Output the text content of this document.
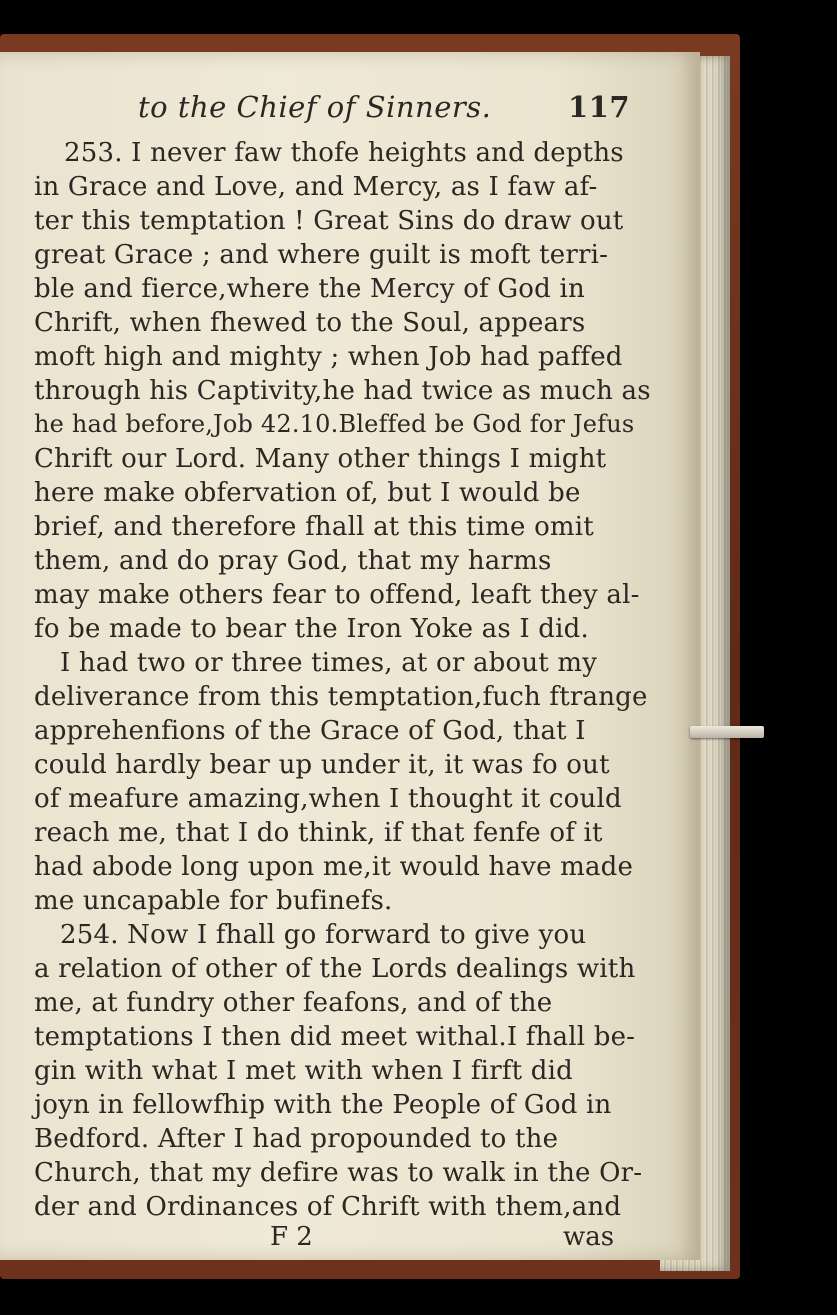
to the Chief of Sinners.	117
253. I never faw thofe heights and depths
in Grace and Love, and Mercy, as I faw af-
ter this temptation ! Great Sins do draw out
great Grace ; and where guilt is moft terri-
ble and fierce,where the Mercy of God in
Chrift, when fhewed to the Soul, appears
moft high and mighty ; when Job had paffed
through his Captivity,he had twice as much as
he had before,Job 42.10.Bleffed be God for Jefus
Chrift our Lord. Many other things I might
here make obfervation of, but I would be
brief, and therefore fhall at this time omit
them, and do pray God, that my harms
may make others fear to offend, leaft they al-
fo be made to bear the Iron Yoke as I did.
I had two or three times, at or about my
deliverance from this temptation,fuch ftrange
apprehenfions of the Grace of God, that I
could hardly bear up under it, it was fo out
of meafure amazing,when I thought it could
reach me, that I do think, if that fenfe of it
had abode long upon me,it would have made
me uncapable for bufinefs.
254. Now I fhall go forward to give you
a relation of other of the Lords dealings with
me, at fundry other feafons, and of the
temptations I then did meet withal.I fhall be-
gin with what I met with when I firft did
joyn in fellowfhip with the People of God in
Bedford. After I had propounded to the
Church, that my defire was to walk in the Or-
der and Ordinances of Chrift with them,and
F 2	was
